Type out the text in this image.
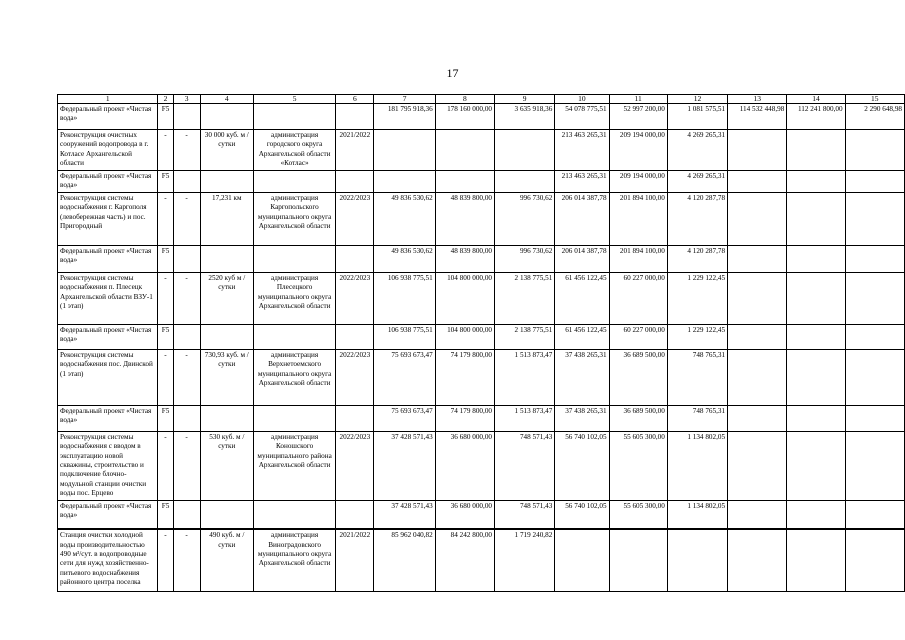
17
1	2	3	4	5	6	7	8	9	10	11	12	13	14	15
Федеральный проект «Чистая вода»	F5					181 795 918,36	178 160 000,00	3 635 918,36	54 078 775,51	52 997 200,00	1 081 575,51	114 532 448,98	112 241 800,00	2 290 648,98
Реконструкция очистных сооружений водопровода в г. Котласе Архангельской области	-	-	30 000 куб. м /сутки	администрация городского округа Архангельской области «Котлас»	2021/2022				213 463 265,31	209 194 000,00	4 269 265,31			
Федеральный проект «Чистая вода»	F5								213 463 265,31	209 194 000,00	4 269 265,31			
Реконструкция системы водоснабжения г. Каргополя (левобережная часть) и пос. Пригородный	-	-	17,231 км	администрация Каргопольского муниципального округа Архангельской области	2022/2023	49 836 530,62	48 839 800,00	996 730,62	206 014 387,78	201 894 100,00	4 120 287,78			
Федеральный проект «Чистая вода»	F5					49 836 530,62	48 839 800,00	996 730,62	206 014 387,78	201 894 100,00	4 120 287,78			
Реконструкция системы водоснабжения п. Плесецк Архангельской области ВЗУ-1 (1 этап)	-	-	2520 куб м /сутки	администрация Плесецкого муниципального округа Архангельской области	2022/2023	106 938 775,51	104 800 000,00	2 138 775,51	61 456 122,45	60 227 000,00	1 229 122,45			
Федеральный проект «Чистая вода»	F5					106 938 775,51	104 800 000,00	2 138 775,51	61 456 122,45	60 227 000,00	1 229 122,45			
Реконструкция системы водоснабжения пос. Двинской (1 этап)	-	-	730,93 куб. м /сутки	администрация Верхнетоемского муниципального округа Архангельской области	2022/2023	75 693 673,47	74 179 800,00	1 513 873,47	37 438 265,31	36 689 500,00	748 765,31			
Федеральный проект «Чистая вода»	F5					75 693 673,47	74 179 800,00	1 513 873,47	37 438 265,31	36 689 500,00	748 765,31			
Реконструкция системы водоснабжения с вводом в эксплуатацию новой скважины, строительство и подключение блочно-модульной станции очистки воды пос. Ерцево	-	-	530 куб. м /сутки	администрация Коношского муниципального района Архангельской области	2022/2023	37 428 571,43	36 680 000,00	748 571,43	56 740 102,05	55 605 300,00	1 134 802,05			
Федеральный проект «Чистая вода»	F5					37 428 571,43	36 680 000,00	748 571,43	56 740 102,05	55 605 300,00	1 134 802,05			
Станция очистки холодной воды производительностью 490 м³/сут. в водопроводные сети для нужд хозяйственно-питьевого водоснабжения районного центра поселка	-	-	490 куб. м /сутки	администрация Виноградовского муниципального округа Архангельской области	2021/2022	85 962 040,82	84 242 800,00	1 719 240,82						
